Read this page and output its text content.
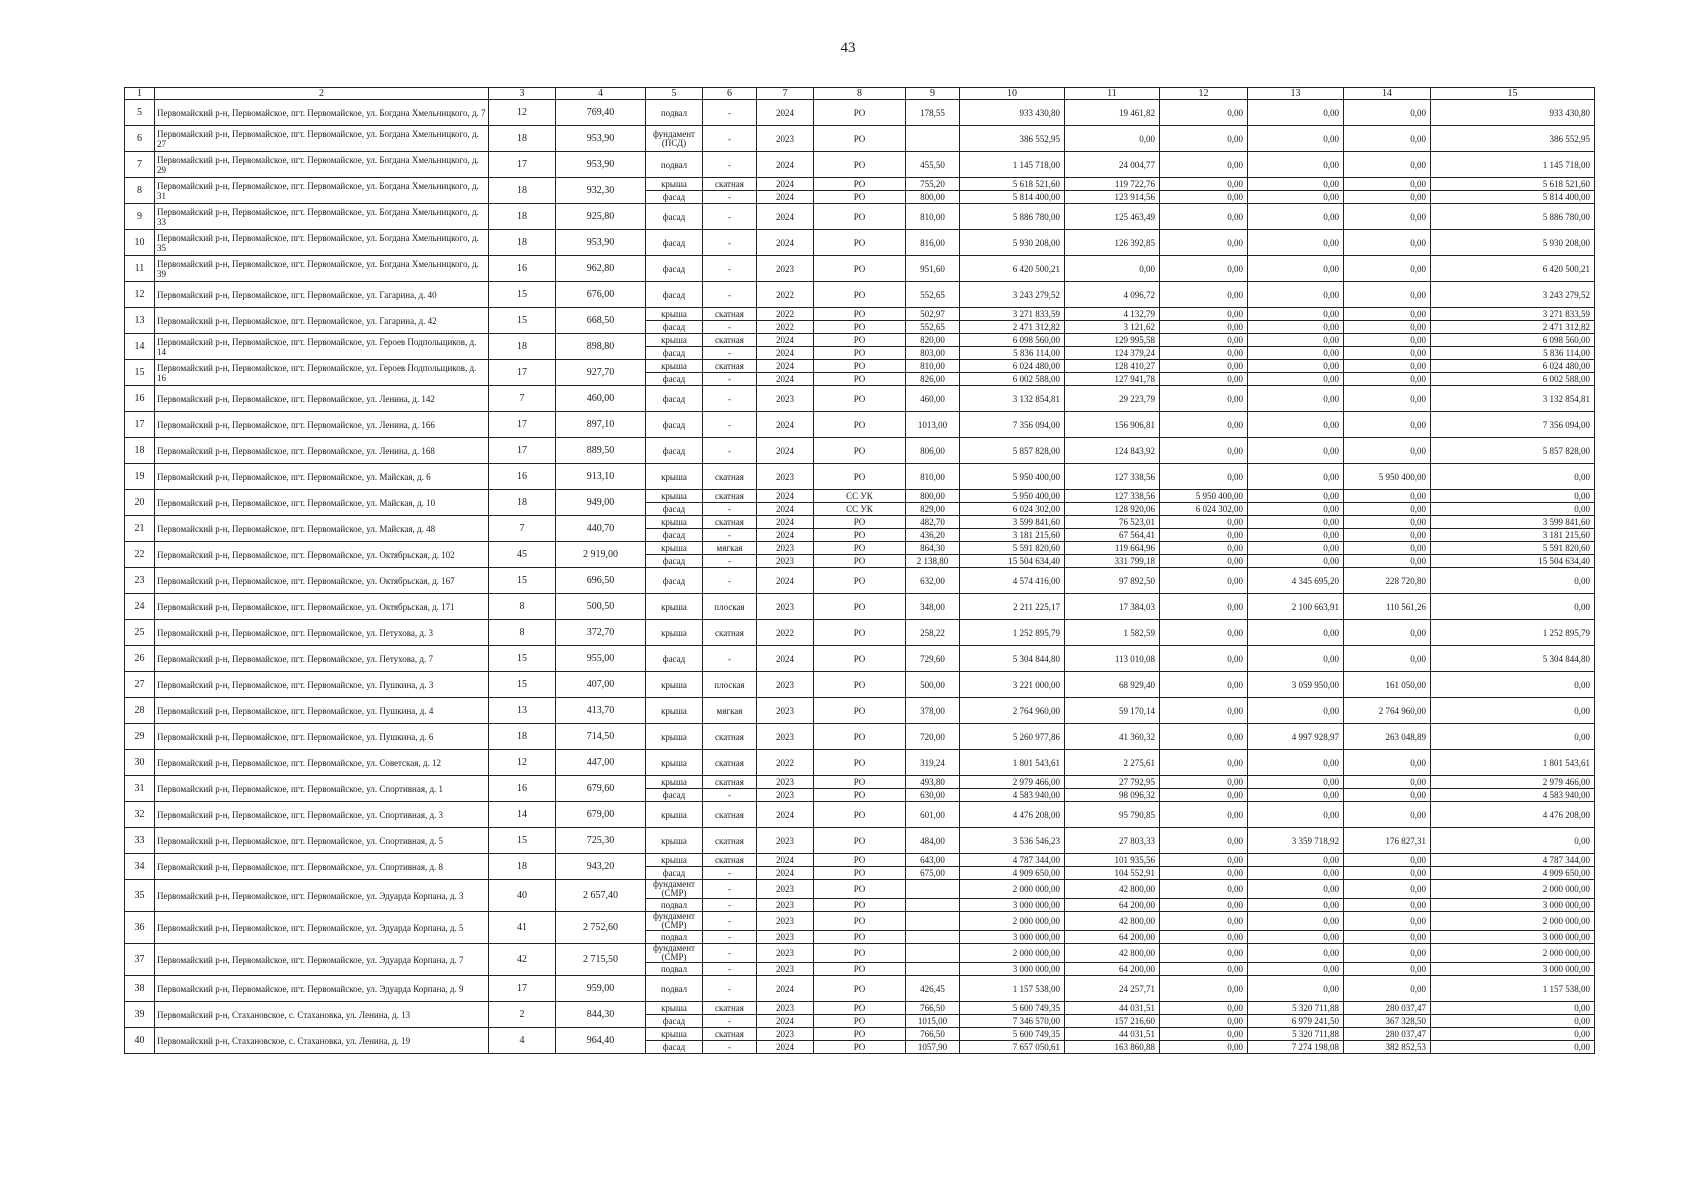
43
1	2	3	4	5	6	7	8	9	10	11	12	13	14	15
5	Первомайский р-н, Первомайское, пгт. Первомайское, ул. Богдана Хмельницкого, д. 7	12	769,40	подвал	-	2024	РО	178,55	933 430,80	19 461,82	0,00	0,00	0,00	933 430,80
6	Первомайский р-н, Первомайское, пгт. Первомайское, ул. Богдана Хмельницкого, д. 27	18	953,90	фундамент (ПСД)	-	2023	РО		386 552,95	0,00	0,00	0,00	0,00	386 552,95
7	Первомайский р-н, Первомайское, пгт. Первомайское, ул. Богдана Хмельницкого, д. 29	17	953,90	подвал	-	2024	РО	455,50	1 145 718,00	24 004,77	0,00	0,00	0,00	1 145 718,00
8	Первомайский р-н, Первомайское, пгт. Первомайское, ул. Богдана Хмельницкого, д. 31	18	932,30	крыша	скатная	2024	РО	755,20	5 618 521,60	119 722,76	0,00	0,00	0,00	5 618 521,60
				фасад	-	2024	РО	800,00	5 814 400,00	123 914,56	0,00	0,00	0,00	5 814 400,00
9	Первомайский р-н, Первомайское, пгт. Первомайское, ул. Богдана Хмельницкого, д. 33	18	925,80	фасад	-	2024	РО	810,00	5 886 780,00	125 463,49	0,00	0,00	0,00	5 886 780,00
10	Первомайский р-н, Первомайское, пгт. Первомайское, ул. Богдана Хмельницкого, д. 35	18	953,90	фасад	-	2024	РО	816,00	5 930 208,00	126 392,85	0,00	0,00	0,00	5 930 208,00
11	Первомайский р-н, Первомайское, пгт. Первомайское, ул. Богдана Хмельницкого, д. 39	16	962,80	фасад	-	2023	РО	951,60	6 420 500,21	0,00	0,00	0,00	0,00	6 420 500,21
12	Первомайский р-н, Первомайское, пгт. Первомайское, ул. Гагарина, д. 40	15	676,00	фасад	-	2022	РО	552,65	3 243 279,52	4 096,72	0,00	0,00	0,00	3 243 279,52
13	Первомайский р-н, Первомайское, пгт. Первомайское, ул. Гагарина, д. 42	15	668,50	крыша	скатная	2022	РО	502,97	3 271 833,59	4 132,79	0,00	0,00	0,00	3 271 833,59
				фасад	-	2022	РО	552,65	2 471 312,82	3 121,62	0,00	0,00	0,00	2 471 312,82
14	Первомайский р-н, Первомайское, пгт. Первомайское, ул. Героев Подпольщиков, д. 14	18	898,80	крыша	скатная	2024	РО	820,00	6 098 560,00	129 995,58	0,00	0,00	0,00	6 098 560,00
				фасад	-	2024	РО	803,00	5 836 114,00	124 379,24	0,00	0,00	0,00	5 836 114,00
15	Первомайский р-н, Первомайское, пгт. Первомайское, ул. Героев Подпольщиков, д. 16	17	927,70	крыша	скатная	2024	РО	810,00	6 024 480,00	128 410,27	0,00	0,00	0,00	6 024 480,00
				фасад	-	2024	РО	826,00	6 002 588,00	127 941,78	0,00	0,00	0,00	6 002 588,00
16	Первомайский р-н, Первомайское, пгт. Первомайское, ул. Ленина, д. 142	7	460,00	фасад	-	2023	РО	460,00	3 132 854,81	29 223,79	0,00	0,00	0,00	3 132 854,81
17	Первомайский р-н, Первомайское, пгт. Первомайское, ул. Ленина, д. 166	17	897,10	фасад	-	2024	РО	1013,00	7 356 094,00	156 906,81	0,00	0,00	0,00	7 356 094,00
18	Первомайский р-н, Первомайское, пгт. Первомайское, ул. Ленина, д. 168	17	889,50	фасад	-	2024	РО	806,00	5 857 828,00	124 843,92	0,00	0,00	0,00	5 857 828,00
19	Первомайский р-н, Первомайское, пгт. Первомайское, ул. Майская, д. 6	16	913,10	крыша	скатная	2023	РО	810,00	5 950 400,00	127 338,56	0,00	0,00	5 950 400,00	0,00
20	Первомайский р-н, Первомайское, пгт. Первомайское, ул. Майская, д. 10	18	949,00	крыша	скатная	2024	СС УК	800,00	5 950 400,00	127 338,56	5 950 400,00	0,00	0,00	0,00
				фасад	-	2024	СС УК	829,00	6 024 302,00	128 920,06	6 024 302,00	0,00	0,00	0,00
21	Первомайский р-н, Первомайское, пгт. Первомайское, ул. Майская, д. 48	7	440,70	крыша	скатная	2024	РО	482,70	3 599 841,60	76 523,01	0,00	0,00	0,00	3 599 841,60
				фасад	-	2024	РО	436,20	3 181 215,60	67 564,41	0,00	0,00	0,00	3 181 215,60
22	Первомайский р-н, Первомайское, пгт. Первомайское, ул. Октябрьская, д. 102	45	2 919,00	крыша	мягкая	2023	РО	864,30	5 591 820,60	119 664,96	0,00	0,00	0,00	5 591 820,60
				фасад	-	2023	РО	2 138,80	15 504 634,40	331 799,18	0,00	0,00	0,00	15 504 634,40
23	Первомайский р-н, Первомайское, пгт. Первомайское, ул. Октябрьская, д. 167	15	696,50	фасад	-	2024	РО	632,00	4 574 416,00	97 892,50	0,00	4 345 695,20	228 720,80	0,00
24	Первомайский р-н, Первомайское, пгт. Первомайское, ул. Октябрьская, д. 171	8	500,50	крыша	плоская	2023	РО	348,00	2 211 225,17	17 384,03	0,00	2 100 663,91	110 561,26	0,00
25	Первомайский р-н, Первомайское, пгт. Первомайское, ул. Петухова, д. 3	8	372,70	крыша	скатная	2022	РО	258,22	1 252 895,79	1 582,59	0,00	0,00	0,00	1 252 895,79
26	Первомайский р-н, Первомайское, пгт. Первомайское, ул. Петухова, д. 7	15	955,00	фасад	-	2024	РО	729,60	5 304 844,80	113 010,08	0,00	0,00	0,00	5 304 844,80
27	Первомайский р-н, Первомайское, пгт. Первомайское, ул. Пушкина, д. 3	15	407,00	крыша	плоская	2023	РО	500,00	3 221 000,00	68 929,40	0,00	3 059 950,00	161 050,00	0,00
28	Первомайский р-н, Первомайское, пгт. Первомайское, ул. Пушкина, д. 4	13	413,70	крыша	мягкая	2023	РО	378,00	2 764 960,00	59 170,14	0,00	0,00	2 764 960,00	0,00
29	Первомайский р-н, Первомайское, пгт. Первомайское, ул. Пушкина, д. 6	18	714,50	крыша	скатная	2023	РО	720,00	5 260 977,86	41 360,32	0,00	4 997 928,97	263 048,89	0,00
30	Первомайский р-н, Первомайское, пгт. Первомайское, ул. Советская, д. 12	12	447,00	крыша	скатная	2022	РО	319,24	1 801 543,61	2 275,61	0,00	0,00	0,00	1 801 543,61
31	Первомайский р-н, Первомайское, пгт. Первомайское, ул. Спортивная, д. 1	16	679,60	крыша	скатная	2023	РО	493,80	2 979 466,00	27 792,95	0,00	0,00	0,00	2 979 466,00
				фасад	-	2023	РО	630,00	4 583 940,00	98 096,32	0,00	0,00	0,00	4 583 940,00
32	Первомайский р-н, Первомайское, пгт. Первомайское, ул. Спортивная, д. 3	14	679,00	крыша	скатная	2024	РО	601,00	4 476 208,00	95 790,85	0,00	0,00	0,00	4 476 208,00
33	Первомайский р-н, Первомайское, пгт. Первомайское, ул. Спортивная, д. 5	15	725,30	крыша	скатная	2023	РО	484,00	3 536 546,23	27 803,33	0,00	3 359 718,92	176 827,31	0,00
34	Первомайский р-н, Первомайское, пгт. Первомайское, ул. Спортивная, д. 8	18	943,20	крыша	скатная	2024	РО	643,00	4 787 344,00	101 935,56	0,00	0,00	0,00	4 787 344,00
				фасад	-	2024	РО	675,00	4 909 650,00	104 552,91	0,00	0,00	0,00	4 909 650,00
35	Первомайский р-н, Первомайское, пгт. Первомайское, ул. Эдуарда Корпана, д. 3	40	2 657,40	фундамент (СМР)	-	2023	РО		2 000 000,00	42 800,00	0,00	0,00	0,00	2 000 000,00
				подвал	-	2023	РО		3 000 000,00	64 200,00	0,00	0,00	0,00	3 000 000,00
36	Первомайский р-н, Первомайское, пгт. Первомайское, ул. Эдуарда Корпана, д. 5	41	2 752,60	фундамент (СМР)	-	2023	РО		2 000 000,00	42 800,00	0,00	0,00	0,00	2 000 000,00
				подвал	-	2023	РО		3 000 000,00	64 200,00	0,00	0,00	0,00	3 000 000,00
37	Первомайский р-н, Первомайское, пгт. Первомайское, ул. Эдуарда Корпана, д. 7	42	2 715,50	фундамент (СМР)	-	2023	РО		2 000 000,00	42 800,00	0,00	0,00	0,00	2 000 000,00
				подвал	-	2023	РО		3 000 000,00	64 200,00	0,00	0,00	0,00	3 000 000,00
38	Первомайский р-н, Первомайское, пгт. Первомайское, ул. Эдуарда Корпана, д. 9	17	959,00	подвал	-	2024	РО	426,45	1 157 538,00	24 257,71	0,00	0,00	0,00	1 157 538,00
39	Первомайский р-н, Стахановское, с. Стахановка, ул. Ленина, д. 13	2	844,30	крыша	скатная	2023	РО	766,50	5 600 749,35	44 031,51	0,00	5 320 711,88	280 037,47	0,00
				фасад	-	2024	РО	1015,00	7 346 570,00	157 216,60	0,00	6 979 241,50	367 328,50	0,00
40	Первомайский р-н, Стахановское, с. Стахановка, ул. Ленина, д. 19	4	964,40	крыша	скатная	2023	РО	766,50	5 600 749,35	44 031,51	0,00	5 320 711,88	280 037,47	0,00
				фасад	-	2024	РО	1057,90	7 657 050,61	163 860,88	0,00	7 274 198,08	382 852,53	0,00
